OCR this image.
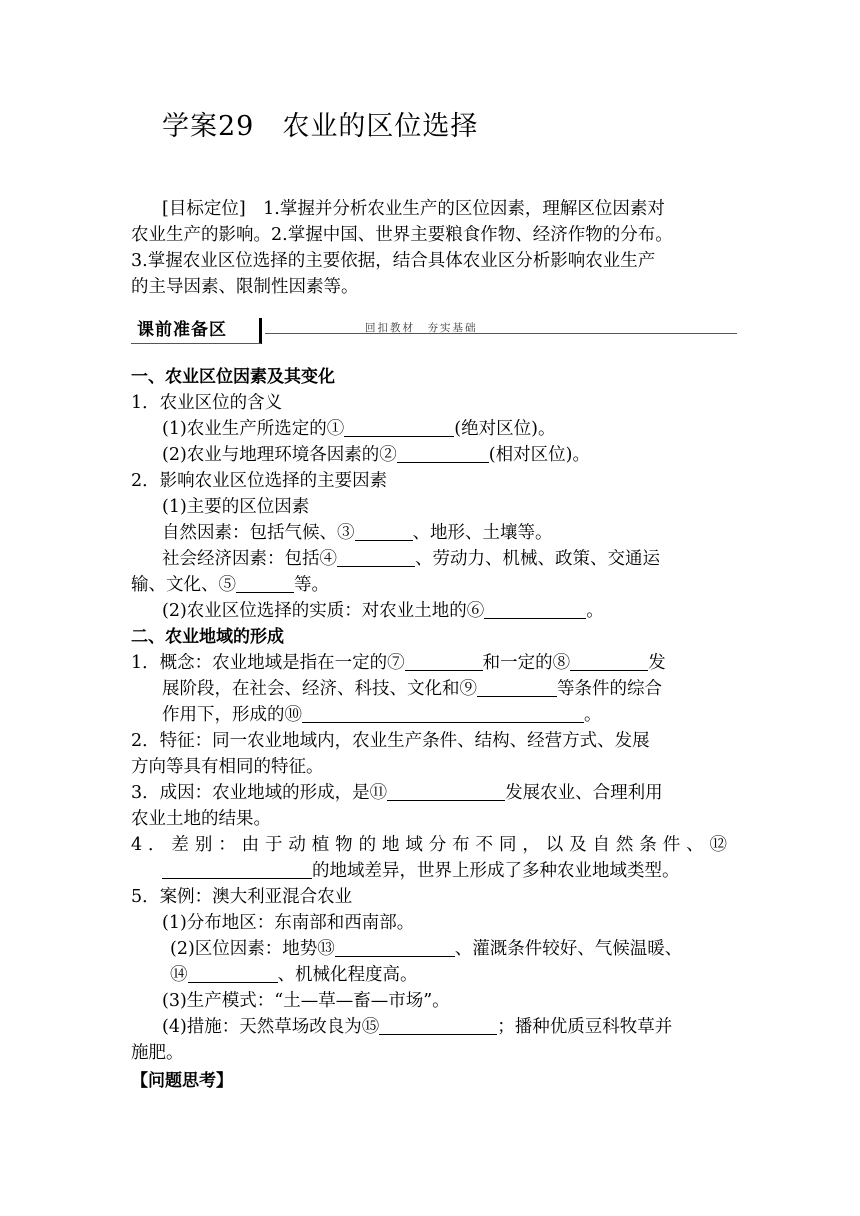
学案29 农业的区位选择
[目标定位]　1.掌握并分析农业生产的区位因素，理解区位因素对
农业生产的影响。2.掌握中国、世界主要粮食作物、经济作物的分布。
3.掌握农业区位选择的主要依据，结合具体农业区分析影响农业生产
的主导因素、限制性因素等。
课前准备区	回扣教材　夯实基础
一、农业区位因素及其变化
1．农业区位的含义
(1)农业生产所选定的①	(绝对区位)。
(2)农业与地理环境各因素的②	(相对区位)。
2．影响农业区位选择的主要因素
(1)主要的区位因素
自然因素：包括气候、③	、地形、土壤等。
社会经济因素：包括④	、劳动力、机械、政策、交通运
输、文化、⑤	等。
(2)农业区位选择的实质：对农业土地的⑥	。
二、农业地域的形成
1．概念：农业地域是指在一定的⑦	和一定的⑧	发
展阶段，在社会、经济、科技、文化和⑨	等条件的综合
作用下，形成的⑩	。
2．特征：同一农业地域内，农业生产条件、结构、经营方式、发展
方向等具有相同的特征。
3．成因：农业地域的形成，是⑪	发展农业、合理利用
农业土地的结果。
4．差别：由于动植物的地域分布不同，以及自然条件、⑫
的地域差异，世界上形成了多种农业地域类型。
5．案例：澳大利亚混合农业
(1)分布地区：东南部和西南部。
(2)区位因素：地势⑬	、灌溉条件较好、气候温暖、
⑭	、机械化程度高。
(3)生产模式：“土—草—畜—市场”。
(4)措施：天然草场改良为⑮	；播种优质豆科牧草并
施肥。
【问题思考】
